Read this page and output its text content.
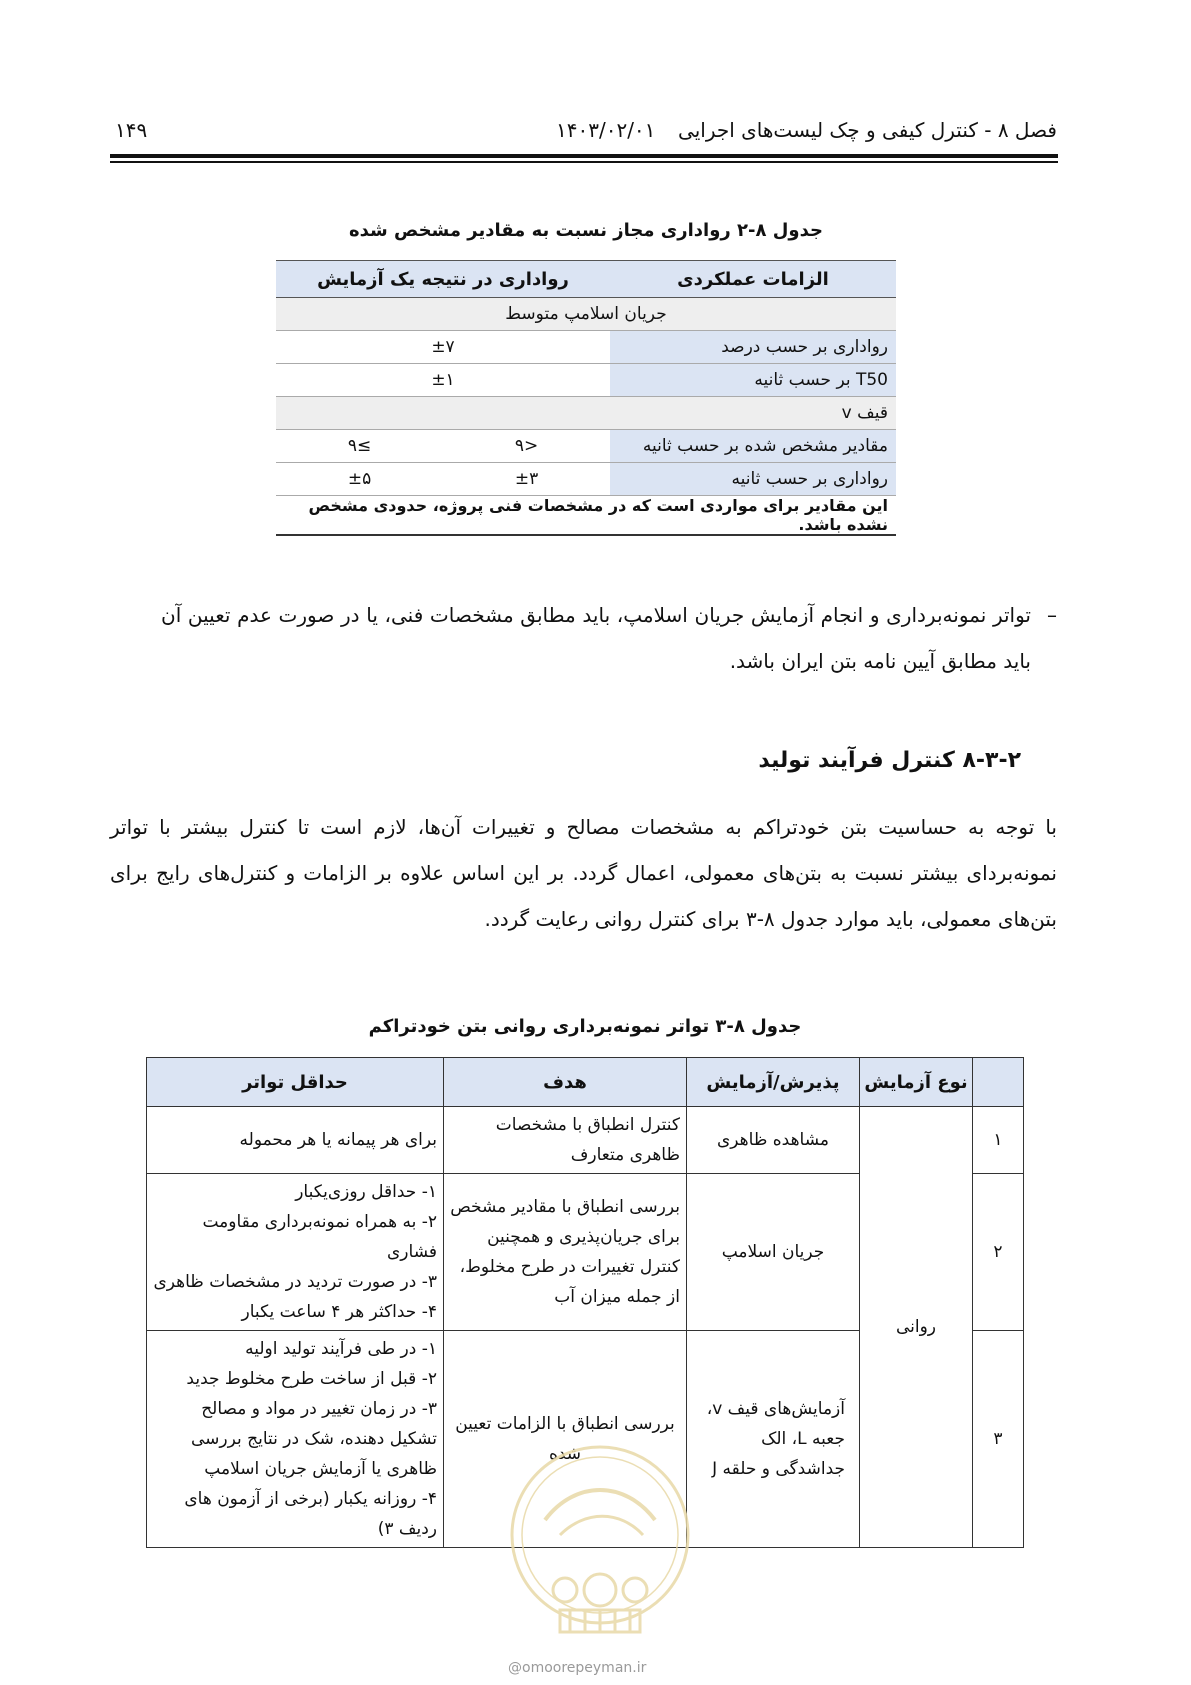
فصل ۸ - کنترل کیفی و چک لیست‌های اجرایی
۱۴۰۳/۰۲/۰۱
۱۴۹
جدول ۸-۲ رواداری مجاز نسبت به مقادیر مشخص شده
الزامات عملکردی	رواداری در نتیجه یک آزمایش	
جریان اسلامپ متوسط		
رواداری بر حسب درصد	±۷	
T50 بر حسب ثانیه	±۱	
قیف v		
مقادیر مشخص شده بر حسب ثانیه	<۹	≥۹
رواداری بر حسب ثانیه	±۳	±۵
این مقادیر برای مواردی است که در مشخصات فنی پروژه، حدودی مشخص نشده باشد.		
–
تواتر نمونه‌برداری و انجام آزمایش جریان اسلامپ، باید مطابق مشخصات فنی، یا در صورت عدم تعیین آن باید مطابق آیین نامه بتن ایران باشد.
۸-۳-۲ کنترل فرآیند تولید
با توجه به حساسیت بتن خودتراکم به مشخصات مصالح و تغییرات آن‌ها، لازم است تا کنترل بیشتر با تواتر نمونه‌بردای بیشتر نسبت به بتن‌های معمولی، اعمال گردد. بر این اساس علاوه بر الزامات و کنترل‌های رایج برای بتن‌های معمولی، باید موارد جدول ۸-۳ برای کنترل روانی رعایت گردد.
جدول ۸-۳ تواتر نمونه‌برداری روانی بتن خودتراکم
	نوع آزمایش	پذیرش/آزمایش	هدف	حداقل تواتر
۱	روانی	مشاهده ظاهری	کنترل انطباق با مشخصات ظاهری متعارف	برای هر پیمانه یا هر محموله

۲		جریان اسلامپ	بررسی انطباق با مقادیر مشخص برای جریان‌پذیری و همچنین کنترل تغییرات در طرح مخلوط، از جمله میزان آب	۱- حداقل روزی‌یکبار
۲- به همراه نمونه‌برداری مقاومت فشاری
۳- در صورت تردید در مشخصات ظاهری
۴- حداکثر هر ۴ ساعت یکبار

۳		آزمایش‌های قیف v، جعبه L، الک جداشدگی و حلقه J	بررسی انطباق با الزامات تعیین شده	۱- در طی فرآیند تولید اولیه
۲- قبل از ساخت طرح مخلوط جدید
۳- در زمان تغییر در مواد و مصالح تشکیل دهنده، شک در نتایج بررسی ظاهری یا آزمایش جریان اسلامپ
۴- روزانه یکبار (برخی از آزمون های ردیف ۳)
@omoorepeyman.ir
